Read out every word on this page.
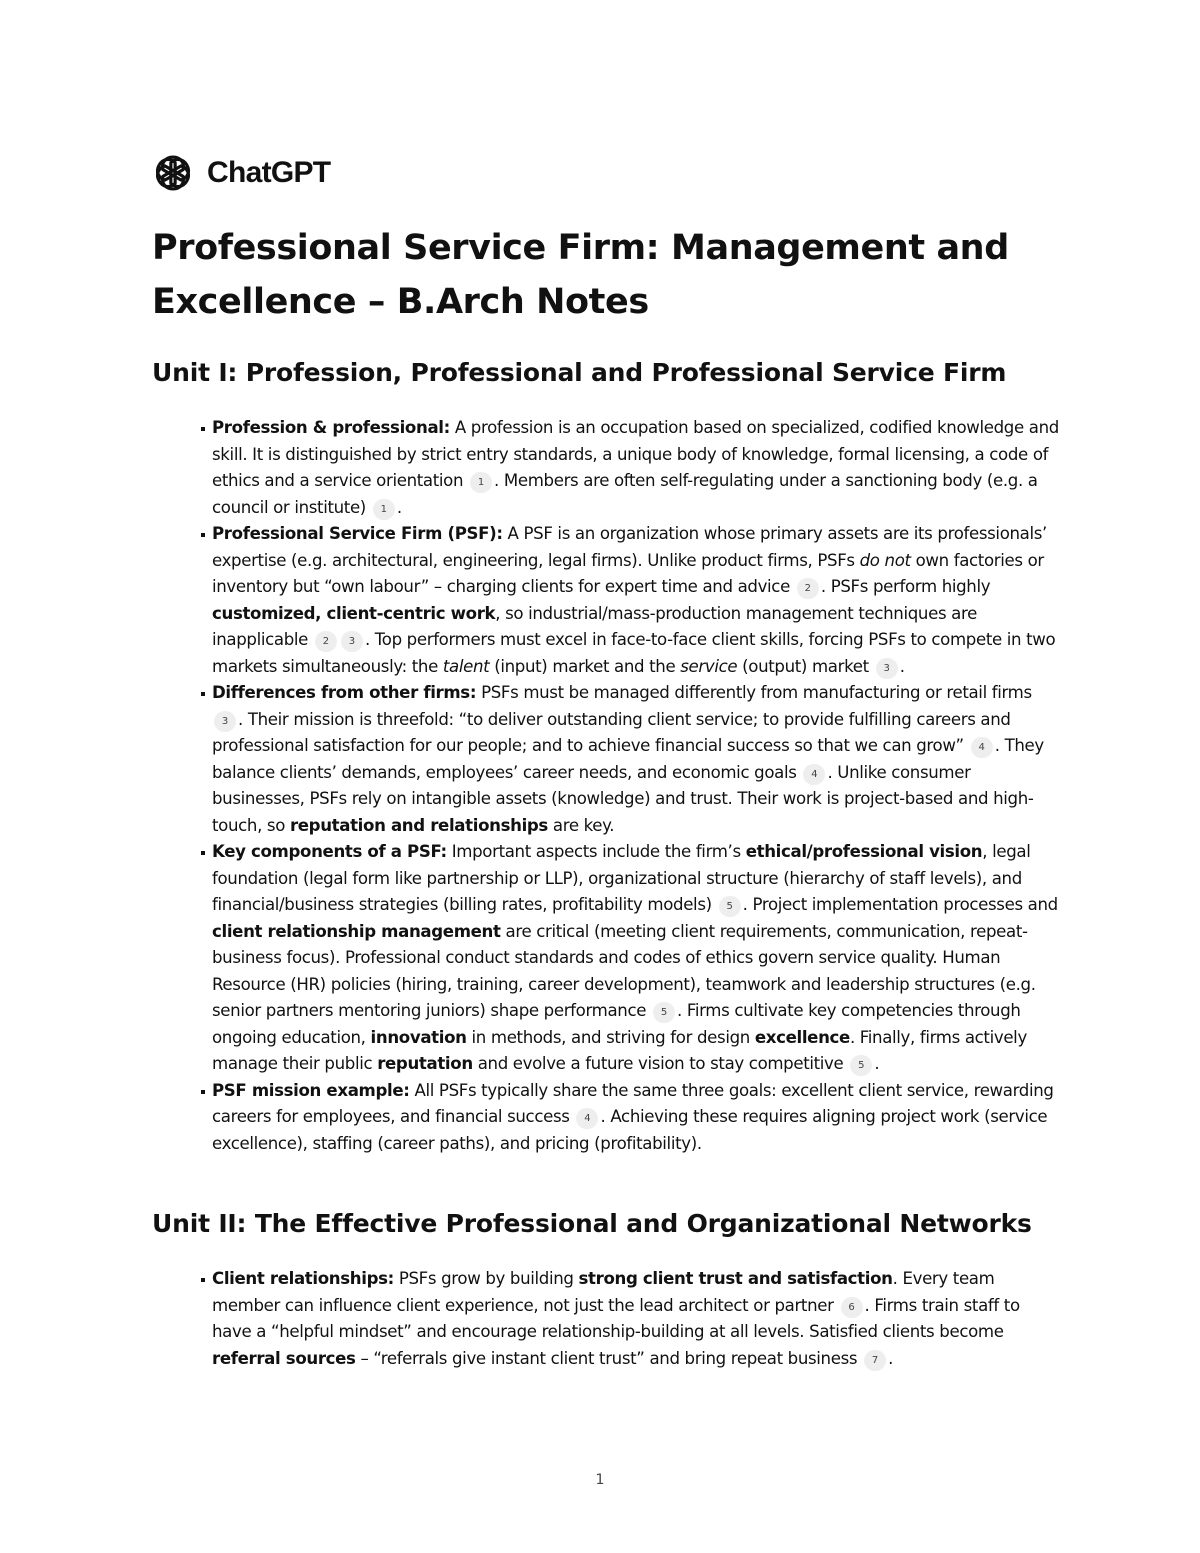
ChatGPT
Professional Service Firm: Management and Excellence – B.Arch Notes
Unit I: Profession, Professional and Professional Service Firm
Profession & professional: A profession is an occupation based on specialized, codified knowledge and skill. It is distinguished by strict entry standards, a unique body of knowledge, formal licensing, a code of ethics and a service orientation 1 . Members are often self-regulating under a sanctioning body (e.g. a council or institute) 1 .
Professional Service Firm (PSF): A PSF is an organization whose primary assets are its professionals’ expertise (e.g. architectural, engineering, legal firms). Unlike product firms, PSFs do not own factories or inventory but “own labour” – charging clients for expert time and advice 2 . PSFs perform highly customized, client-centric work, so industrial/mass-production management techniques are inapplicable 2 3 . Top performers must excel in face-to-face client skills, forcing PSFs to compete in two markets simultaneously: the talent (input) market and the service (output) market 3 .
Differences from other firms: PSFs must be managed differently from manufacturing or retail firms 3 . Their mission is threefold: “to deliver outstanding client service; to provide fulfilling careers and professional satisfaction for our people; and to achieve financial success so that we can grow” 4 . They balance clients’ demands, employees’ career needs, and economic goals 4 . Unlike consumer businesses, PSFs rely on intangible assets (knowledge) and trust. Their work is project-based and high-touch, so reputation and relationships are key.
Key components of a PSF: Important aspects include the firm’s ethical/professional vision, legal foundation (legal form like partnership or LLP), organizational structure (hierarchy of staff levels), and financial/business strategies (billing rates, profitability models) 5 . Project implementation processes and client relationship management are critical (meeting client requirements, communication, repeat-business focus). Professional conduct standards and codes of ethics govern service quality. Human Resource (HR) policies (hiring, training, career development), teamwork and leadership structures (e.g. senior partners mentoring juniors) shape performance 5 . Firms cultivate key competencies through ongoing education, innovation in methods, and striving for design excellence. Finally, firms actively manage their public reputation and evolve a future vision to stay competitive 5 .
PSF mission example: All PSFs typically share the same three goals: excellent client service, rewarding careers for employees, and financial success 4 . Achieving these requires aligning project work (service excellence), staffing (career paths), and pricing (profitability).
Unit II: The Effective Professional and Organizational Networks
Client relationships: PSFs grow by building strong client trust and satisfaction. Every team member can influence client experience, not just the lead architect or partner 6 . Firms train staff to have a “helpful mindset” and encourage relationship-building at all levels. Satisfied clients become referral sources – “referrals give instant client trust” and bring repeat business 7 .
1
